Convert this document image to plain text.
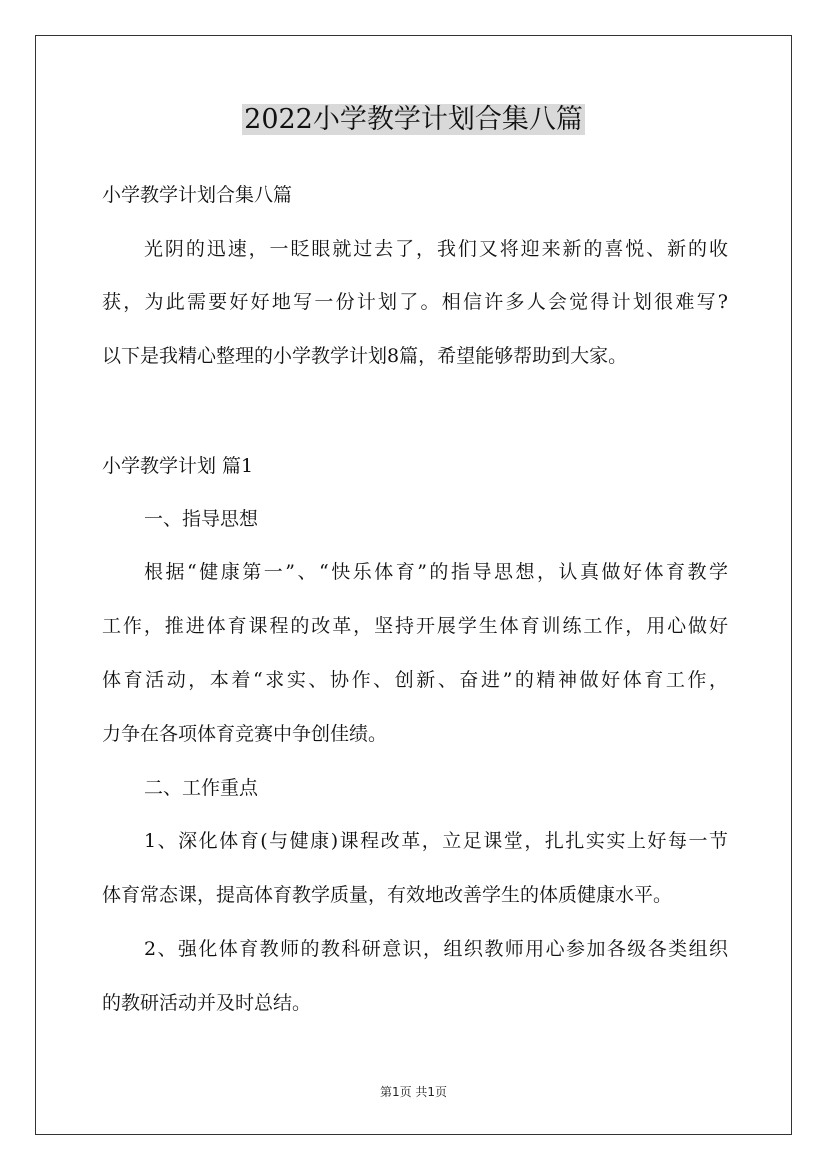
2022小学教学计划合集八篇
小学教学计划合集八篇
光阴的迅速，一眨眼就过去了，我们又将迎来新的喜悦、新的收
获，为此需要好好地写一份计划了。相信许多人会觉得计划很难写?
以下是我精心整理的小学教学计划8篇，希望能够帮助到大家。
小学教学计划 篇1
一、指导思想
根据“健康第一”、“快乐体育”的指导思想，认真做好体育教学
工作，推进体育课程的改革，坚持开展学生体育训练工作，用心做好
体育活动，本着“求实、协作、创新、奋进”的精神做好体育工作，
力争在各项体育竞赛中争创佳绩。
二、工作重点
1、深化体育(与健康)课程改革，立足课堂，扎扎实实上好每一节
体育常态课，提高体育教学质量，有效地改善学生的体质健康水平。
2、强化体育教师的教科研意识，组织教师用心参加各级各类组织
的教研活动并及时总结。
第1页 共1页
